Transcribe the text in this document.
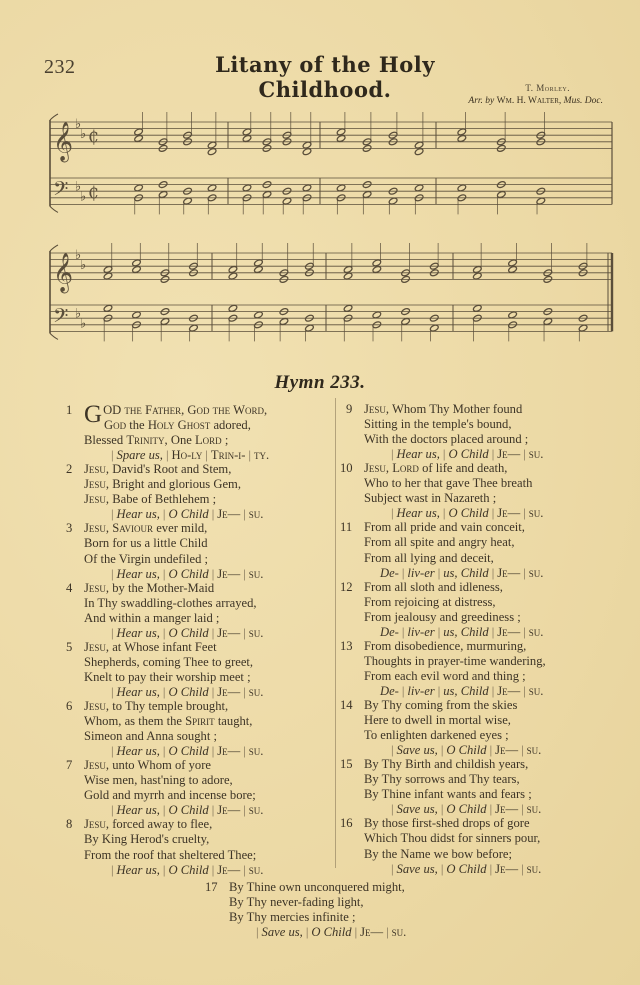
232	Litany of the Holy Childhood.	T. Morley.
Arr. by Wm. H. Walter, Mus. Doc.
𝄞
𝄢
♭
♭
♭
♭
₵
₵
𝄞
𝄢
♭
♭
♭
♭
Hymn 233.
1 GOD the Father, God the Word,
God the Holy Ghost adored,
Blessed Trinity, One Lord ;
| Spare us, | Ho-ly | Trin-i- | ty.
2 Jesu, David's Root and Stem,
Jesu, Bright and glorious Gem,
Jesu, Babe of Bethlehem ;
| Hear us, | O Child | Je— | su.
3 Jesu, Saviour ever mild,
Born for us a little Child
Of the Virgin undefiled ;
| Hear us, | O Child | Je— | su.
4 Jesu, by the Mother-Maid
In Thy swaddling-clothes arrayed,
And within a manger laid ;
| Hear us, | O Child | Je— | su.
5 Jesu, at Whose infant Feet
Shepherds, coming Thee to greet,
Knelt to pay their worship meet ;
| Hear us, | O Child | Je— | su.
6 Jesu, to Thy temple brought,
Whom, as them the Spirit taught,
Simeon and Anna sought ;
| Hear us, | O Child | Je— | su.
7 Jesu, unto Whom of yore
Wise men, hast'ning to adore,
Gold and myrrh and incense bore;
| Hear us, | O Child | Je— | su.
8 Jesu, forced away to flee,
By King Herod's cruelty,
From the roof that sheltered Thee;
| Hear us, | O Child | Je— | su.
9 Jesu, Whom Thy Mother found
Sitting in the temple's bound,
With the doctors placed around ;
| Hear us, | O Child | Je— | su.
10 Jesu, Lord of life and death,
Who to her that gave Thee breath
Subject wast in Nazareth ;
| Hear us, | O Child | Je— | su.
11 From all pride and vain conceit,
From all spite and angry heat,
From all lying and deceit,
De- | liv-er | us, Child | Je— | su.
12 From all sloth and idleness,
From rejoicing at distress,
From jealousy and greediness ;
De- | liv-er | us, Child | Je— | su.
13 From disobedience, murmuring,
Thoughts in prayer-time wandering,
From each evil word and thing ;
De- | liv-er | us, Child | Je— | su.
14 By Thy coming from the skies
Here to dwell in mortal wise,
To enlighten darkened eyes ;
| Save us, | O Child | Je— | su.
15 By Thy Birth and childish years,
By Thy sorrows and Thy tears,
By Thine infant wants and fears ;
| Save us, | O Child | Je— | su.
16 By those first-shed drops of gore
Which Thou didst for sinners pour,
By the Name we bow before;
| Save us, | O Child | Je— | su.
17 By Thine own unconquered might,
By Thy never-fading light,
By Thy mercies infinite ;
| Save us, | O Child | Je— | su.
